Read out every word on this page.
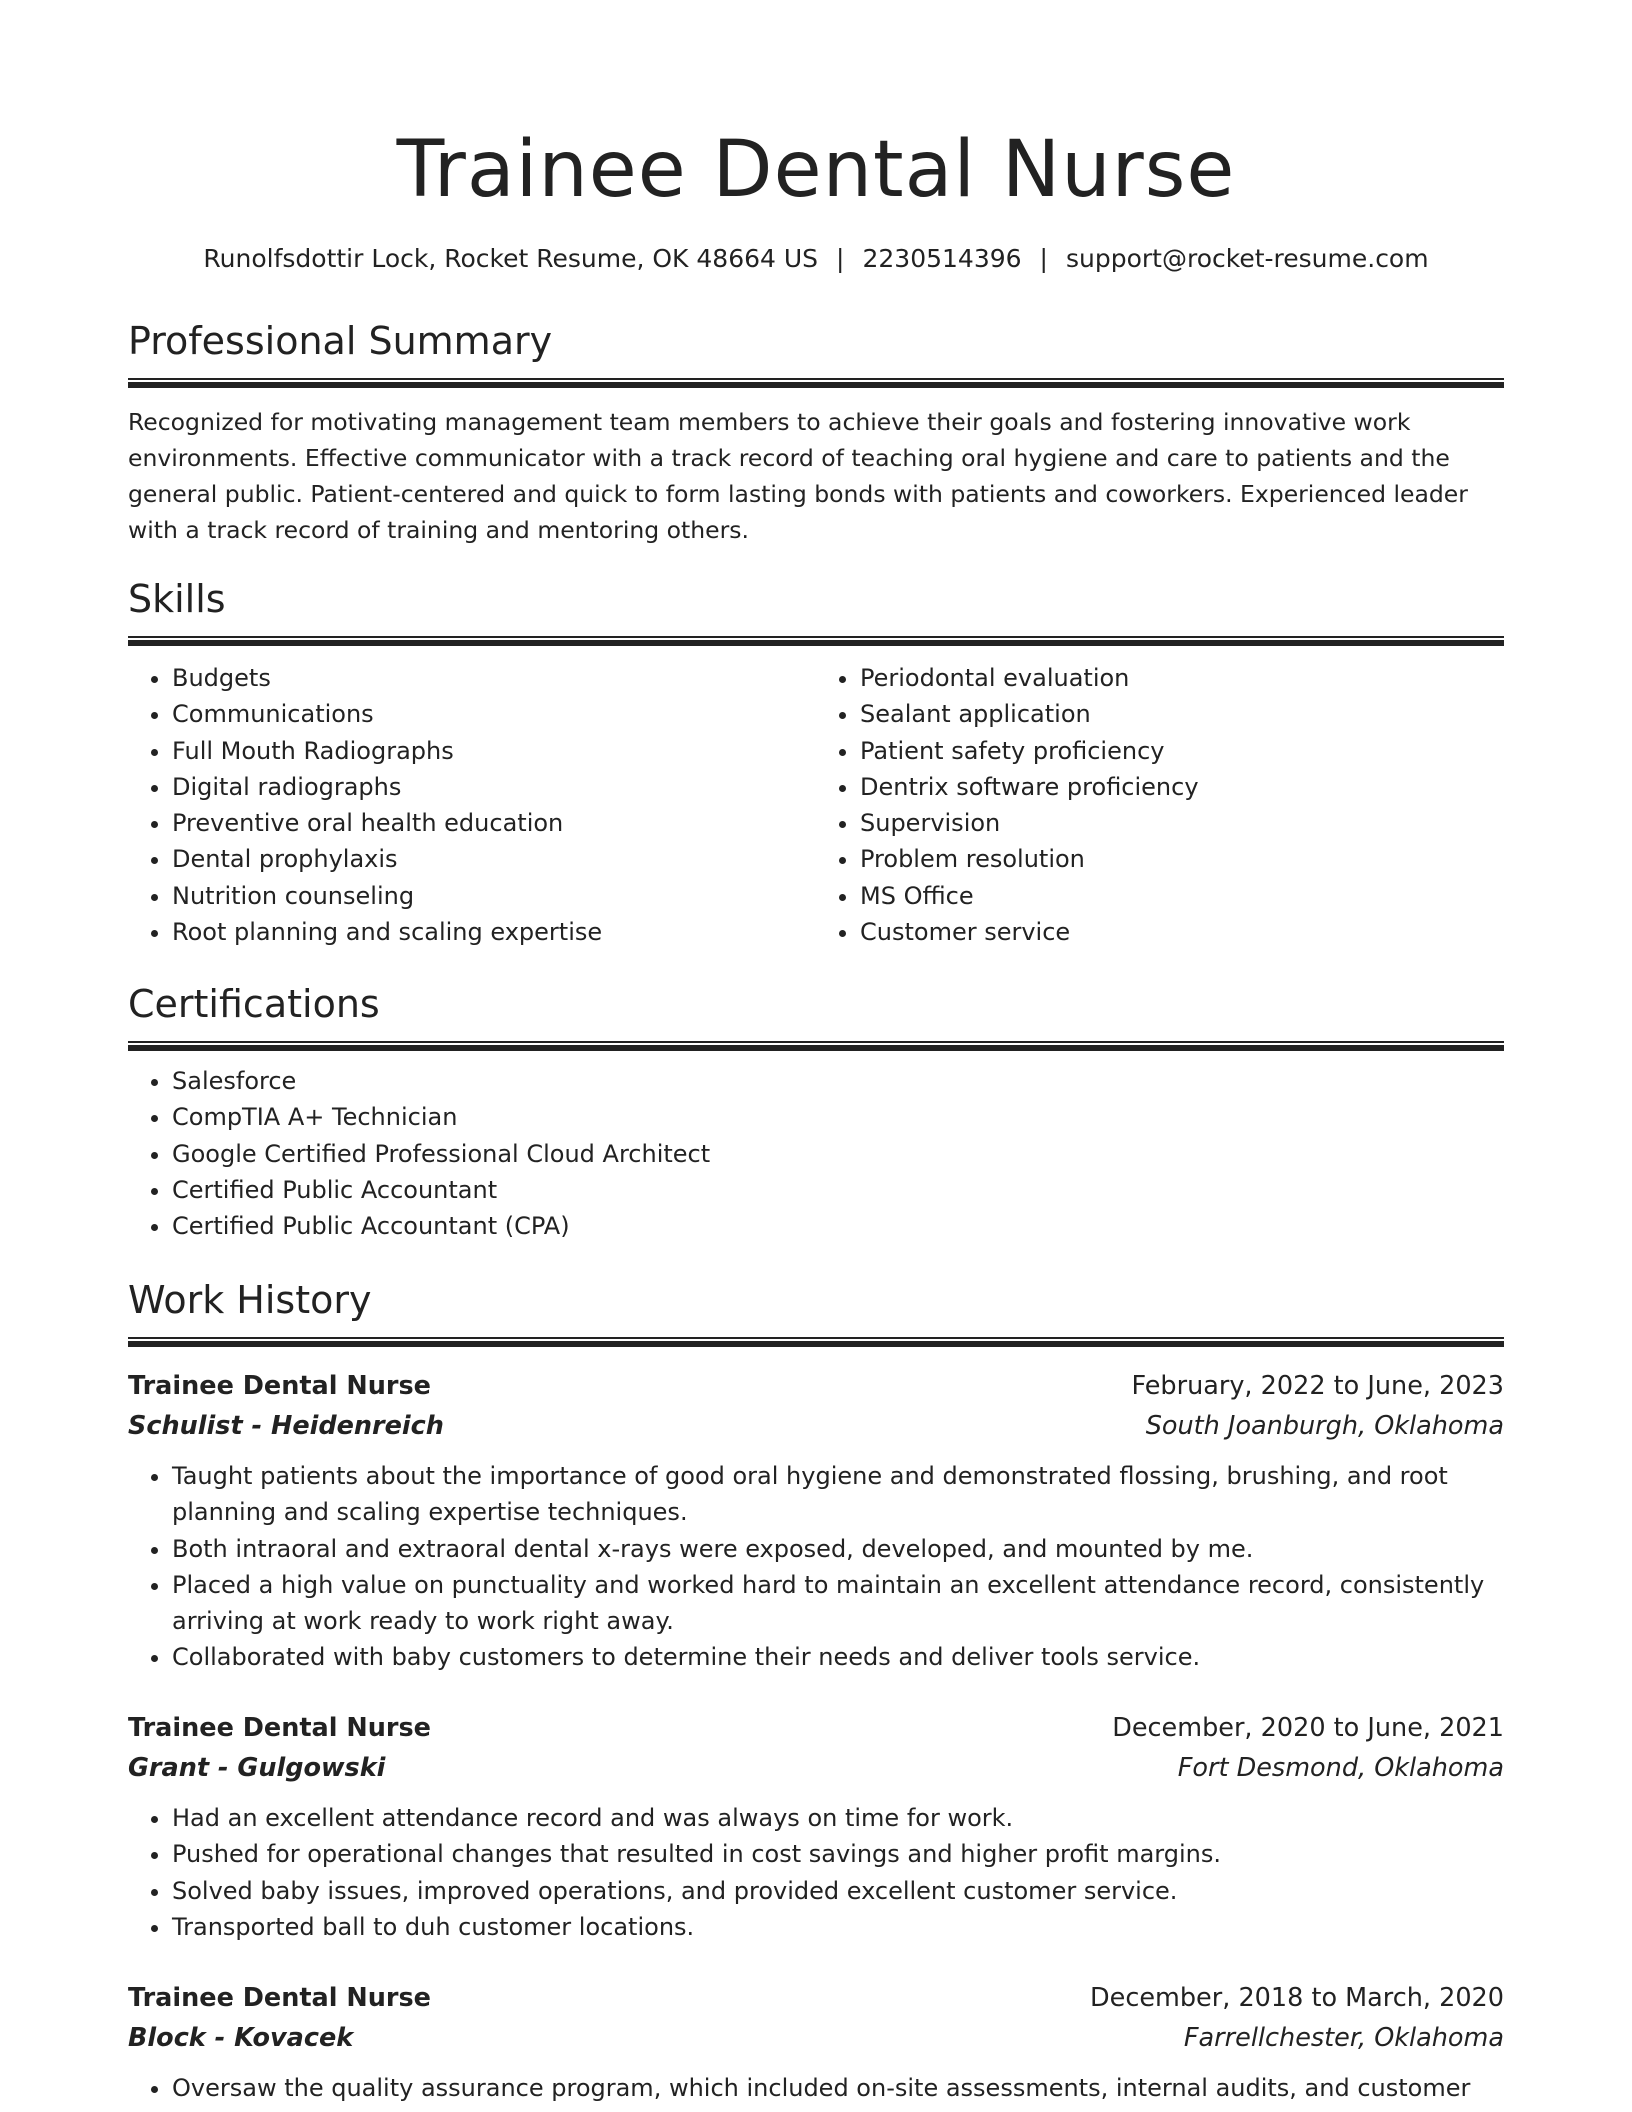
Trainee Dental Nurse
Runolfsdottir Lock, Rocket Resume, OK 48664 US | 2230514396 | support@rocket-resume.com
Professional Summary

Recognized for motivating management team members to achieve their goals and fostering innovative work environments. Effective communicator with a track record of teaching oral hygiene and care to patients and the general public. Patient-centered and quick to form lasting bonds with patients and coworkers. Experienced leader with a track record of training and mentoring others.

Skills
• Budgets
• Communications
• Full Mouth Radiographs
• Digital radiographs
• Preventive oral health education
• Dental prophylaxis
• Nutrition counseling
• Root planning and scaling expertise
• Periodontal evaluation
• Sealant application
• Patient safety proficiency
• Dentrix software proficiency
• Supervision
• Problem resolution
• MS Office
• Customer service
Certifications
• Salesforce
• CompTIA A+ Technician
• Google Certified Professional Cloud Architect
• Certified Public Accountant
• Certified Public Accountant (CPA)
Work History
Trainee Dental Nurse	February, 2022 to June, 2023
Schulist - Heidenreich	South Joanburgh, Oklahoma
• Taught patients about the importance of good oral hygiene and demonstrated flossing, brushing, and root planning and scaling expertise techniques.
• Both intraoral and extraoral dental x-rays were exposed, developed, and mounted by me.
• Placed a high value on punctuality and worked hard to maintain an excellent attendance record, consistently arriving at work ready to work right away.
• Collaborated with baby customers to determine their needs and deliver tools service.
Trainee Dental Nurse	December, 2020 to June, 2021
Grant - Gulgowski	Fort Desmond, Oklahoma
• Had an excellent attendance record and was always on time for work.
• Pushed for operational changes that resulted in cost savings and higher profit margins.
• Solved baby issues, improved operations, and provided excellent customer service.
• Transported ball to duh customer locations.
Trainee Dental Nurse	December, 2018 to March, 2020
Block - Kovacek	Farrellchester, Oklahoma
• Oversaw the quality assurance program, which included on-site assessments, internal audits, and customer
